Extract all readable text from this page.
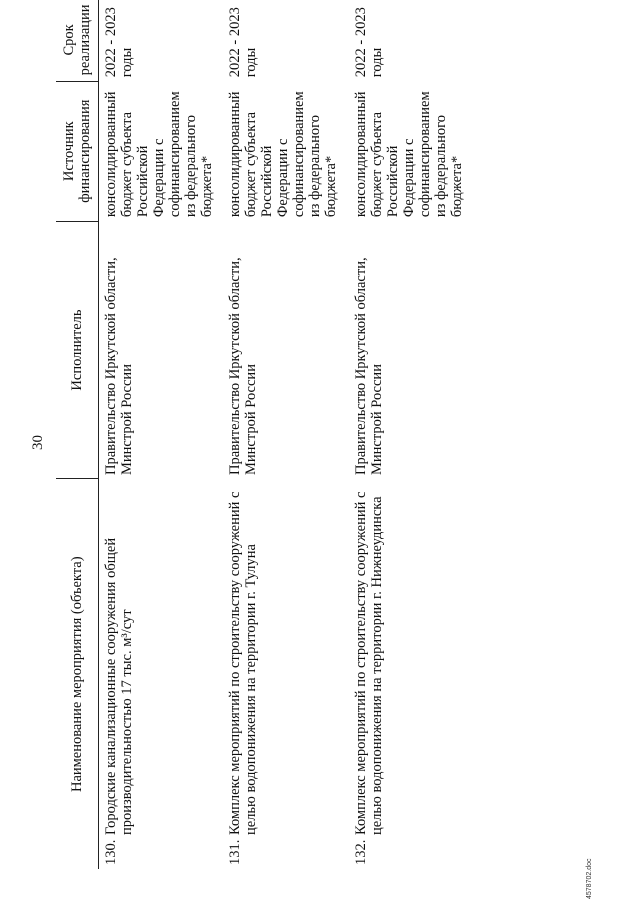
30
Наименование мероприятия (объекта)	Исполнитель	Источник финансирования	Срок реализации

130.
Городские канализационные сооружения общей производительностью 17 тыс. м³/сут	Правительство Иркутской области, Минстрой России	консолидированный бюджет субъекта Российской Федерации с софинансированием из федерального бюджета*	2022 - 2023 годы

131.
Комплекс мероприятий по строительству сооружений с целью водопонижения на территории г. Тулуна	Правительство Иркутской области, Минстрой России	консолидированный бюджет субъекта Российской Федерации с софинансированием из федерального бюджета*	2022 - 2023 годы

132.
Комплекс мероприятий по строительству сооружений с целью водопонижения на территории г. Нижнеудинска	Правительство Иркутской области, Минстрой России	консолидированный бюджет субъекта Российской Федерации с софинансированием из федерального бюджета*	2022 - 2023 годы
4578702.doc
